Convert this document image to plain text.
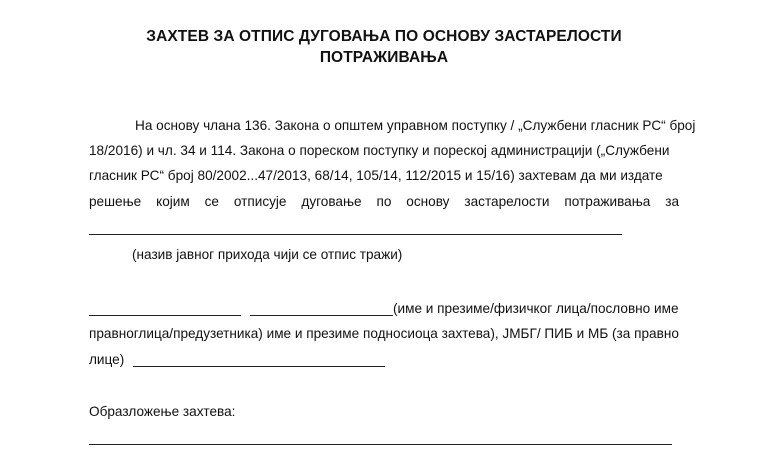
ЗАХТЕВ ЗА ОТПИС ДУГОВАЊА ПО ОСНОВУ ЗАСТАРЕЛОСТИ
ПОТРАЖИВАЊА
На основу члана 136. Закона о општем управном поступку / „Службени гласник РС“ број
18/2016) и чл. 34 и 114. Закона о пореском поступку и пореској администрацији („Службени
гласник РС“ број 80/2002...47/2013, 68/14, 105/14, 112/2015 и 15/16) захтевам да ми издате
решење којим се отписује дуговање по основу застарелости потраживања за
(назив јавног прихода чији се отпис тражи)
(име и презиме/физичког лица/пословно име
правноглица/предузетника) име и презиме подносиоца захтева), ЈМБГ/ ПИБ и МБ (за правно
лице)
Образложење захтева:
